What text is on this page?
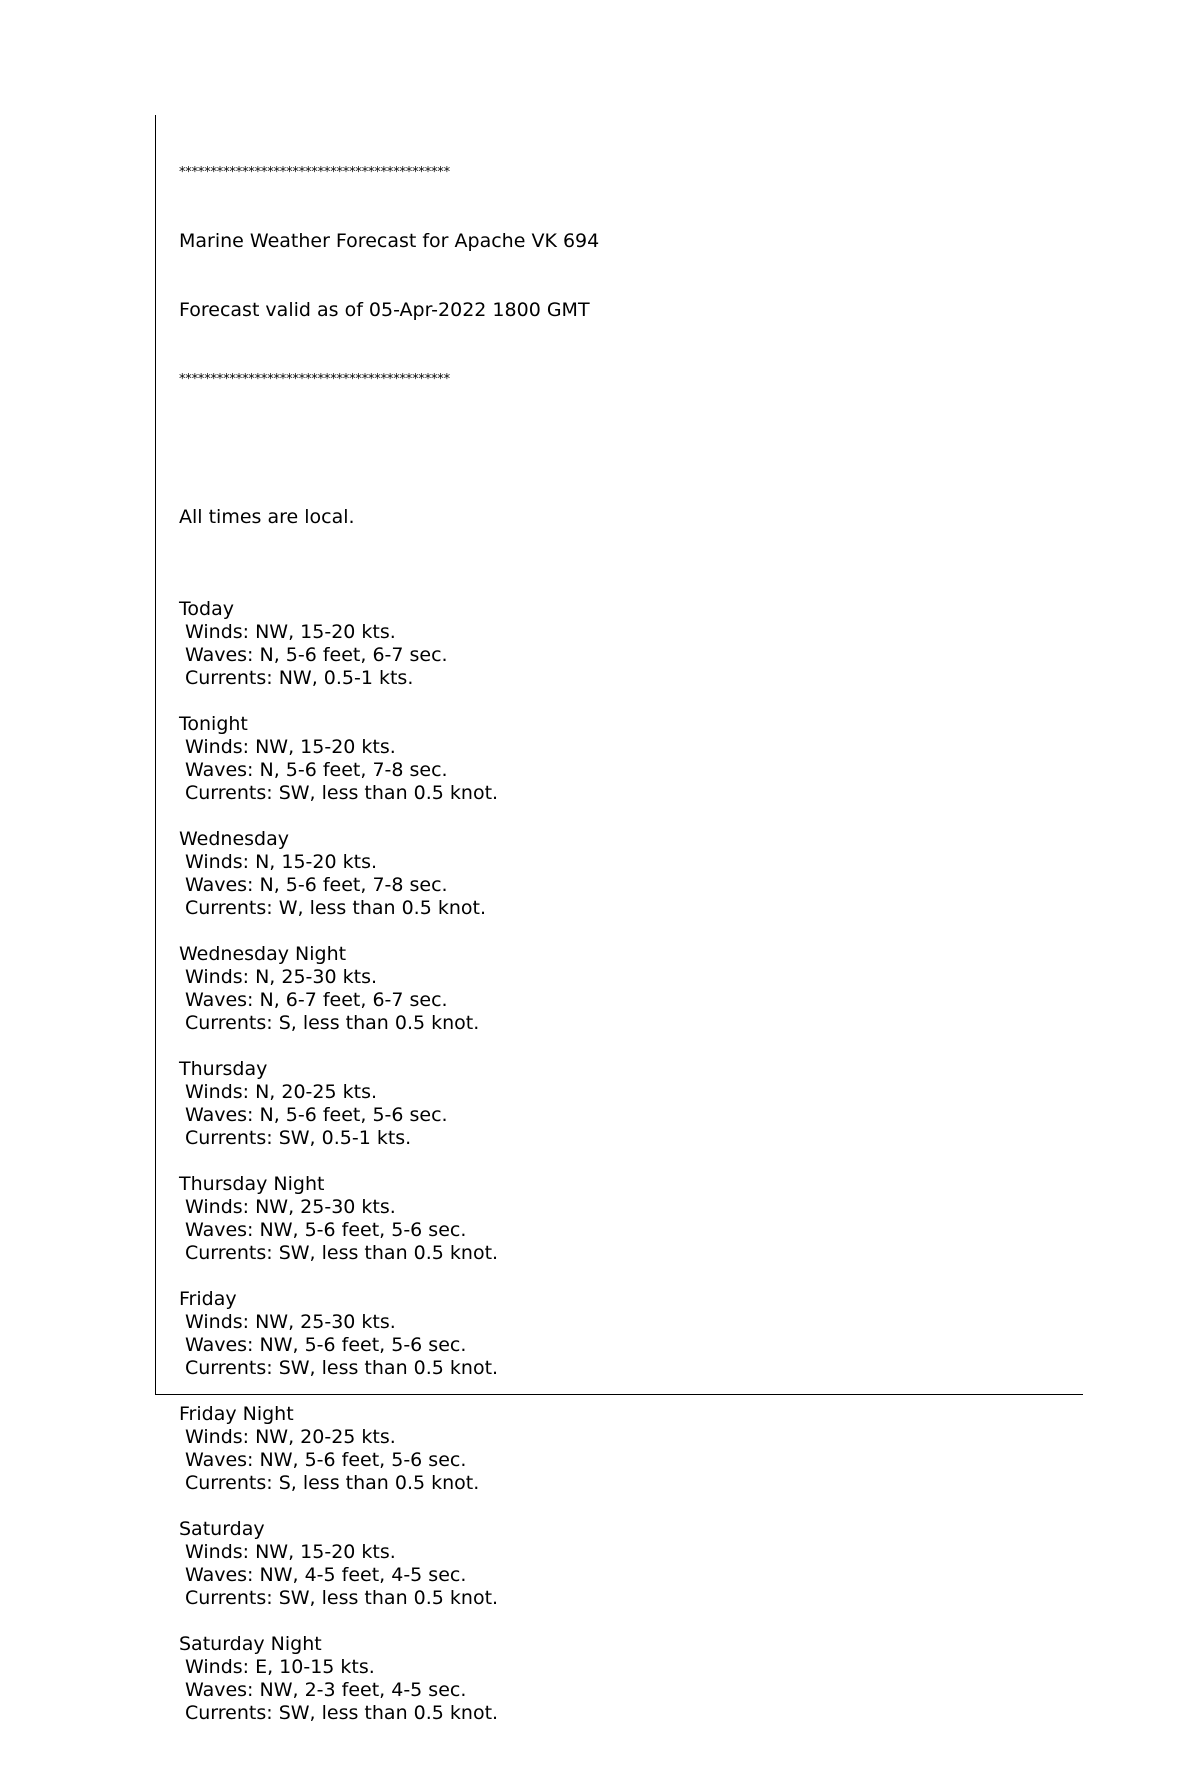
*******************************************

Marine Weather Forecast for Apache VK 694

Forecast valid as of 05-Apr-2022 1800 GMT

*******************************************

All times are local.

Today
Winds: NW, 15-20 kts.
Waves: N, 5-6 feet, 6-7 sec.
Currents: NW, 0.5-1 kts.
Tonight
Winds: NW, 15-20 kts.
Waves: N, 5-6 feet, 7-8 sec.
Currents: SW, less than 0.5 knot.
Wednesday
Winds: N, 15-20 kts.
Waves: N, 5-6 feet, 7-8 sec.
Currents: W, less than 0.5 knot.
Wednesday Night
Winds: N, 25-30 kts.
Waves: N, 6-7 feet, 6-7 sec.
Currents: S, less than 0.5 knot.
Thursday
Winds: N, 20-25 kts.
Waves: N, 5-6 feet, 5-6 sec.
Currents: SW, 0.5-1 kts.
Thursday Night
Winds: NW, 25-30 kts.
Waves: NW, 5-6 feet, 5-6 sec.
Currents: SW, less than 0.5 knot.
Friday
Winds: NW, 25-30 kts.
Waves: NW, 5-6 feet, 5-6 sec.
Currents: SW, less than 0.5 knot.
Friday Night
Winds: NW, 20-25 kts.
Waves: NW, 5-6 feet, 5-6 sec.
Currents: S, less than 0.5 knot.
Saturday
Winds: NW, 15-20 kts.
Waves: NW, 4-5 feet, 4-5 sec.
Currents: SW, less than 0.5 knot.
Saturday Night
Winds: E, 10-15 kts.
Waves: NW, 2-3 feet, 4-5 sec.
Currents: SW, less than 0.5 knot.
